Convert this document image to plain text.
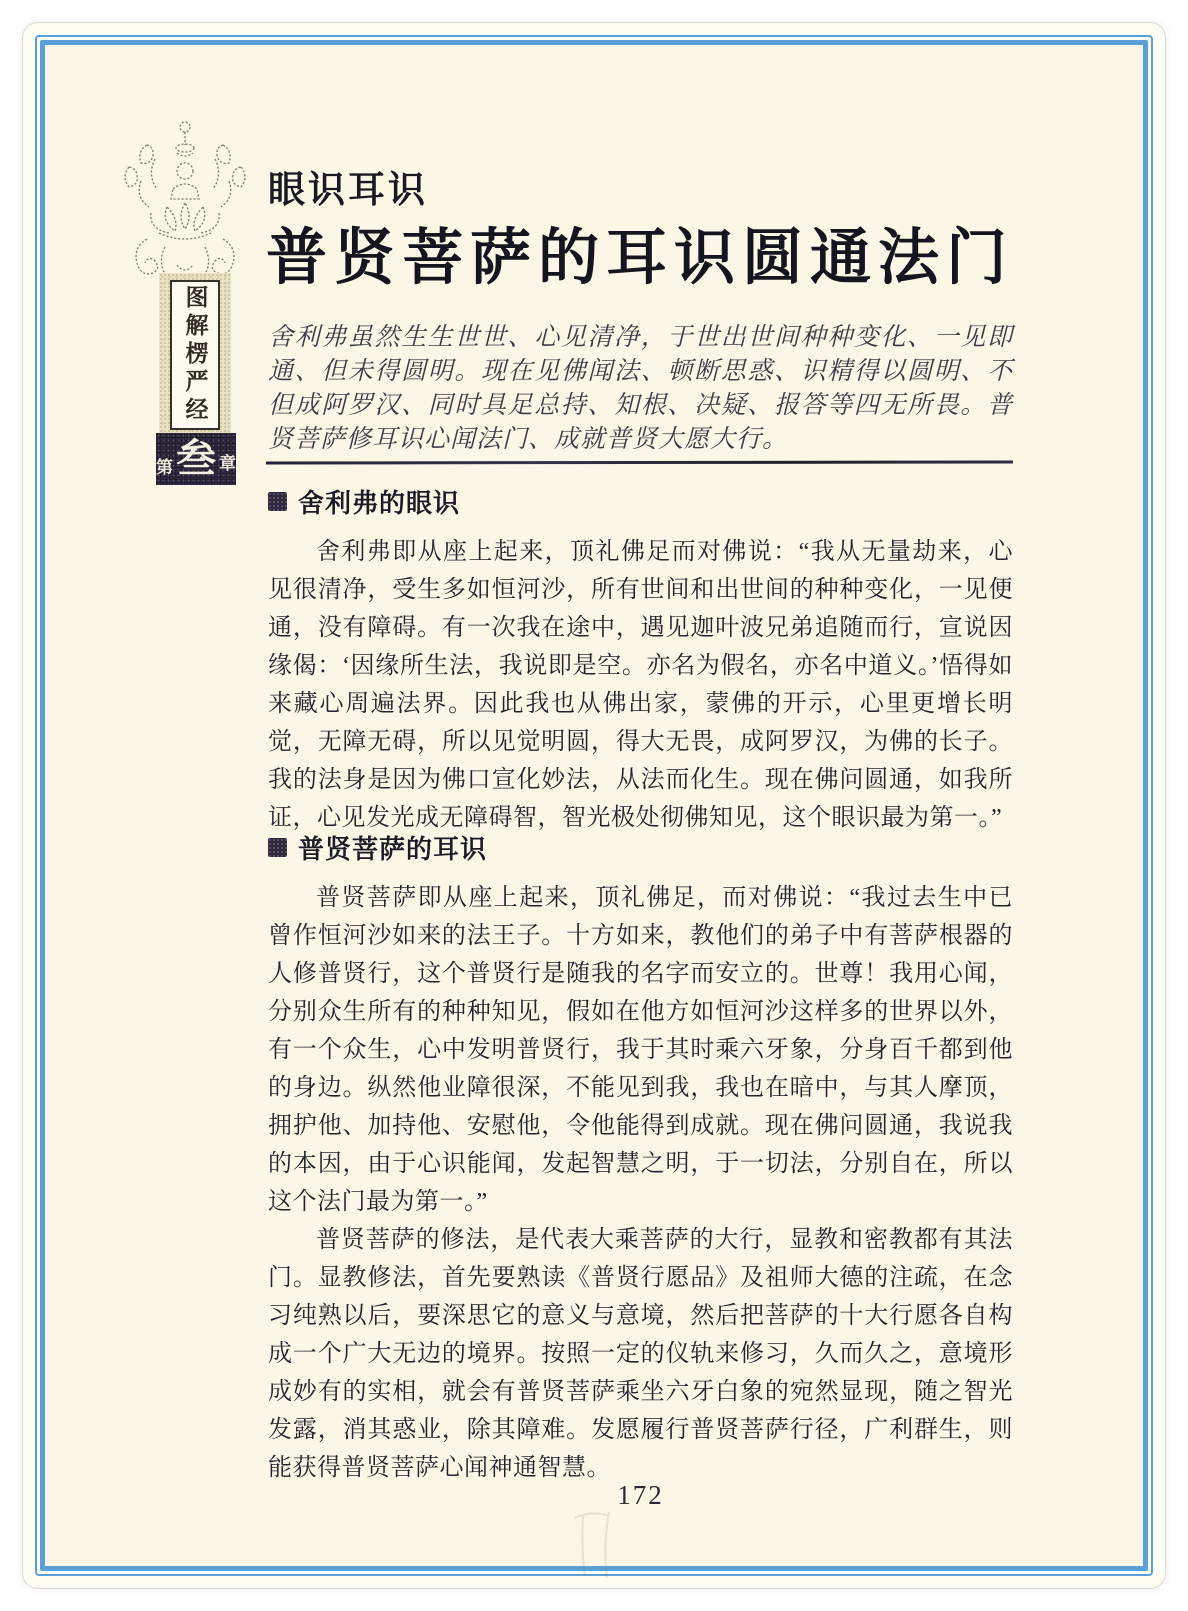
图解楞严经
第 叁 章
眼识耳识
普贤菩萨的耳识圆通法门
舍利弗虽然生生世世、心见清净，于世出世间种种变化、一见即通、但未得圆明。现在见佛闻法、顿断思惑、识精得以圆明、不但成阿罗汉、同时具足总持、知根、决疑、报答等四无所畏。普贤菩萨修耳识心闻法门、成就普贤大愿大行。
舍利弗的眼识

舍利弗即从座上起来，顶礼佛足而对佛说：“我从无量劫来，心见很清净，受生多如恒河沙，所有世间和出世间的种种变化，一见便通，没有障碍。有一次我在途中，遇见迦叶波兄弟追随而行，宣说因缘偈：‘因缘所生法，我说即是空。亦名为假名，亦名中道义。’悟得如来藏心周遍法界。因此我也从佛出家，蒙佛的开示，心里更增长明觉，无障无碍，所以见觉明圆，得大无畏，成阿罗汉，为佛的长子。我的法身是因为佛口宣化妙法，从法而化生。现在佛问圆通，如我所证，心见发光成无障碍智，智光极处彻佛知见，这个眼识最为第一。”

普贤菩萨的耳识

普贤菩萨即从座上起来，顶礼佛足，而对佛说：“我过去生中已曾作恒河沙如来的法王子。十方如来，教他们的弟子中有菩萨根器的人修普贤行，这个普贤行是随我的名字而安立的。世尊！我用心闻，分别众生所有的种种知见，假如在他方如恒河沙这样多的世界以外，有一个众生，心中发明普贤行，我于其时乘六牙象，分身百千都到他的身边。纵然他业障很深，不能见到我，我也在暗中，与其人摩顶，拥护他、加持他、安慰他，令他能得到成就。现在佛问圆通，我说我的本因，由于心识能闻，发起智慧之明，于一切法，分别自在，所以这个法门最为第一。”

普贤菩萨的修法，是代表大乘菩萨的大行，显教和密教都有其法门。显教修法，首先要熟读《普贤行愿品》及祖师大德的注疏，在念习纯熟以后，要深思它的意义与意境，然后把菩萨的十大行愿各自构成一个广大无边的境界。按照一定的仪轨来修习，久而久之，意境形成妙有的实相，就会有普贤菩萨乘坐六牙白象的宛然显现，随之智光发露，消其惑业，除其障难。发愿履行普贤菩萨行径，广利群生，则能获得普贤菩萨心闻神通智慧。

172
